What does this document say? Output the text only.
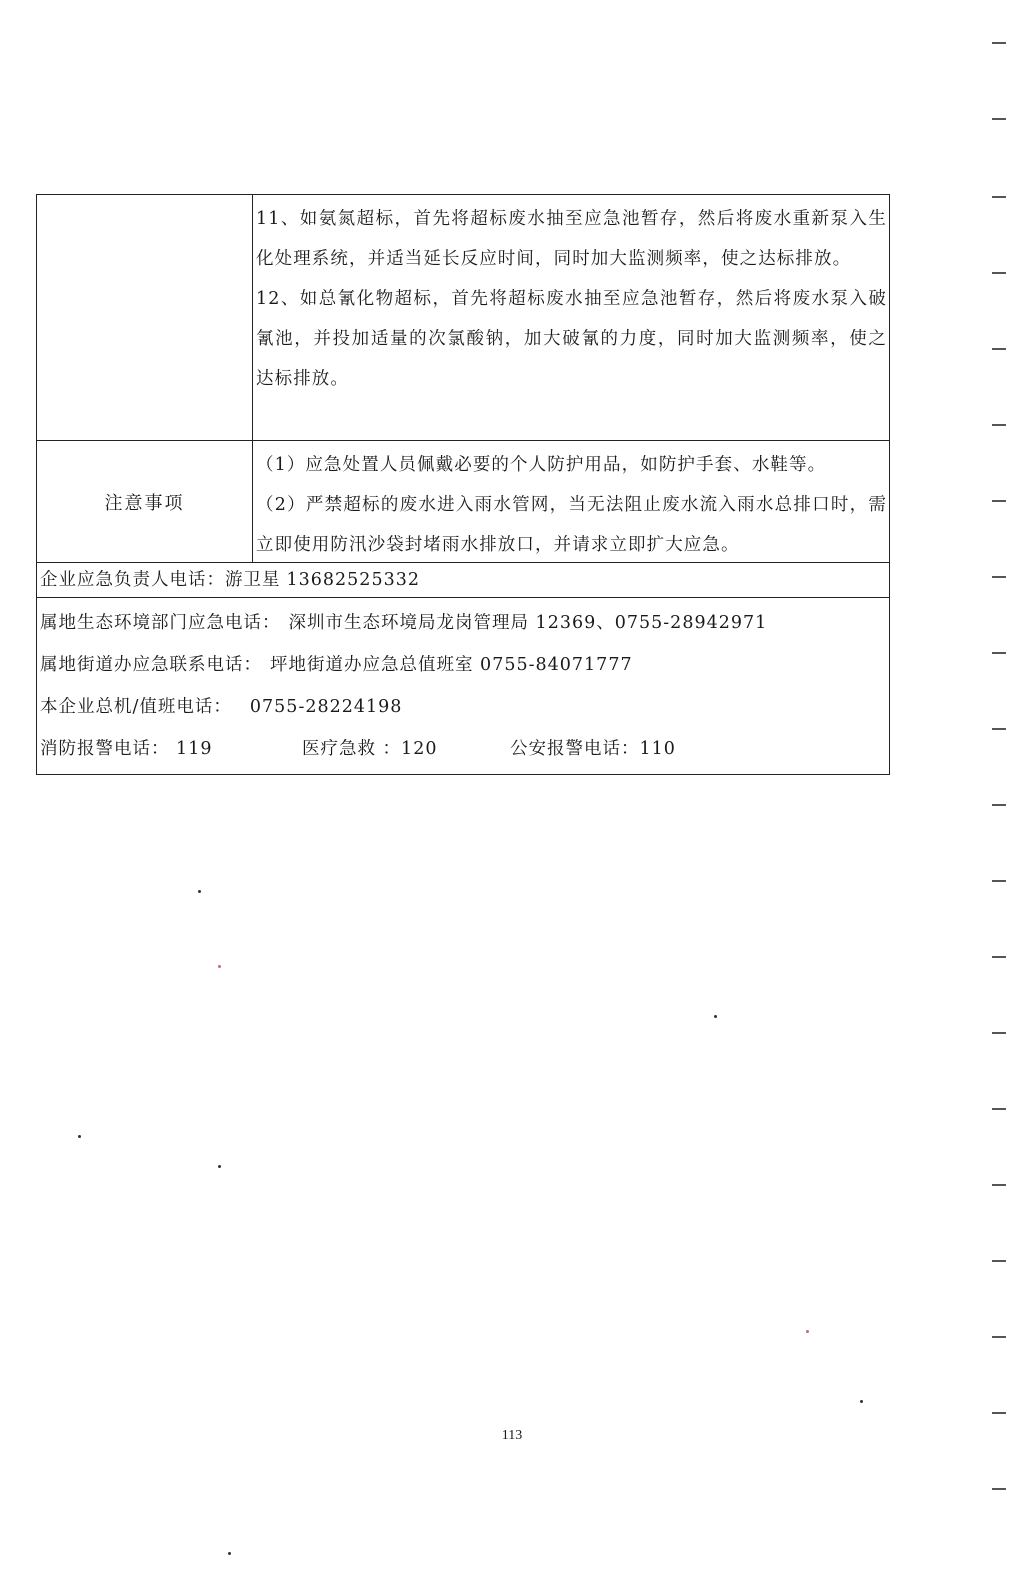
11、如氨氮超标，首先将超标废水抽至应急池暂存，然后将废水重新泵入生化处理系统，并适当延长反应时间，同时加大监测频率，使之达标排放。
12、如总氰化物超标，首先将超标废水抽至应急池暂存，然后将废水泵入破氰池，并投加适量的次氯酸钠，加大破氰的力度，同时加大监测频率，使之达标排放。
注意事项
（1）应急处置人员佩戴必要的个人防护用品，如防护手套、水鞋等。
（2）严禁超标的废水进入雨水管网，当无法阻止废水流入雨水总排口时，需立即使用防汛沙袋封堵雨水排放口，并请求立即扩大应急。
企业应急负责人电话： 游卫星 13682525332
属地生态环境部门应急电话： 深圳市生态环境局龙岗管理局 12369、0755-28942971
属地街道办应急联系电话： 坪地街道办应急总值班室 0755-84071777
本企业总机/值班电话： 0755-28224198
消防报警电话： 119	医疗急救 ：120	公安报警电话：110
113
